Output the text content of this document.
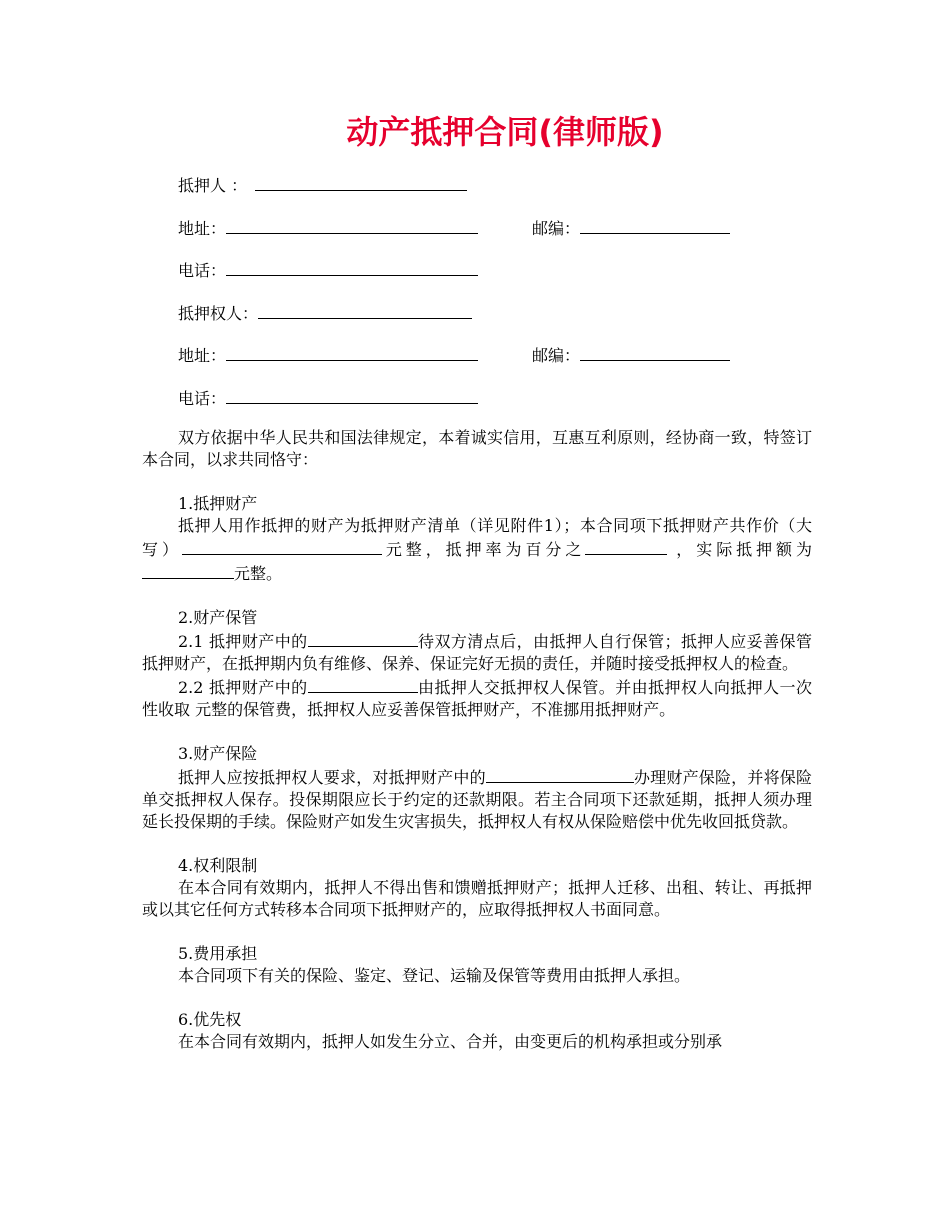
动产抵押合同(律师版)
抵押人 ：
地址：	邮编：
电话：
抵押权人：
地址：	邮编：
电话：

双方依据中华人民共和国法律规定，本着诚实信用，互惠互利原则，经协商一致，特签订本合同，以求共同恪守：

1.抵押财产

抵押人用作抵押的财产为抵押财产清单（详见附件1）；本合同项下抵押财产共作价（大写）	元整，抵押率为百分之	，实际抵押额为元整。

2.财产保管

2.1 抵押财产中的	待双方清点后，由抵押人自行保管；抵押人应妥善保管抵押财产，在抵押期内负有维修、保养、保证完好无损的责任，并随时接受抵押权人的检查。

2.2 抵押财产中的	由抵押人交抵押权人保管。并由抵押权人向抵押人一次性收取 元整的保管费，抵押权人应妥善保管抵押财产，不准挪用抵押财产。

3.财产保险

抵押人应按抵押权人要求，对抵押财产中的	办理财产保险，并将保险单交抵押权人保存。投保期限应长于约定的还款期限。若主合同项下还款延期，抵押人须办理延长投保期的手续。保险财产如发生灾害损失，抵押权人有权从保险赔偿中优先收回抵贷款。

4.权利限制

在本合同有效期内，抵押人不得出售和馈赠抵押财产；抵押人迁移、出租、转让、再抵押或以其它任何方式转移本合同项下抵押财产的，应取得抵押权人书面同意。

5.费用承担

本合同项下有关的保险、鉴定、登记、运输及保管等费用由抵押人承担。

6.优先权

在本合同有效期内，抵押人如发生分立、合并，由变更后的机构承担或分别承
